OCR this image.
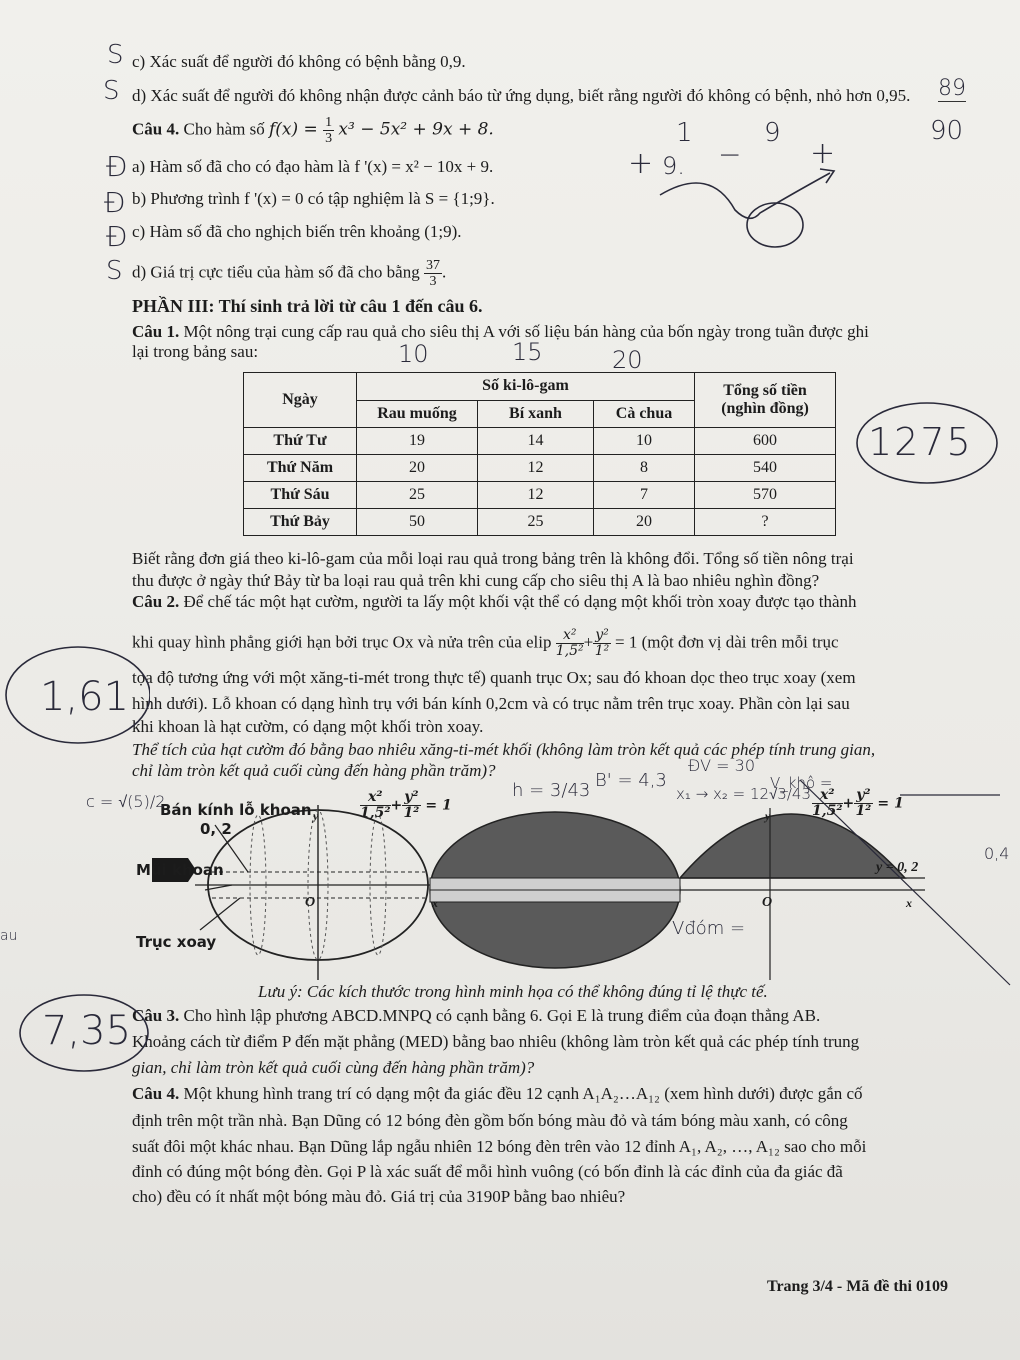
S
S
Đ
Đ
Đ
S
c) Xác suất để người đó không có bệnh bằng 0,9.
d) Xác suất để người đó không nhận được cảnh báo từ ứng dụng, biết rằng người đó không có bệnh, nhỏ hơn 0,95. 89
90
Câu 4. Cho hàm số $f(x) = \frac{1}{3} x^3 - 5x^2 + 9x + 8$.
a) Hàm số đã cho có đạo hàm là f '(x) = x² − 10x + 9.
b) Phương trình f '(x) = 0 có tập nghiệm là S = {1;9}.
c) Hàm số đã cho nghịch biến trên khoảng (1;9).
d) Giá trị cực tiểu của hàm số đã cho bằng $\frac{37}{3}$ .
1	9
+ 9. − +
PHẦN III: Thí sinh trả lời từ câu 1 đến câu 6.
Câu 1. Một nông trại cung cấp rau quả cho siêu thị A với số liệu bán hàng của bốn ngày trong tuần được ghi
lại trong bảng sau:	10	15	20
Ngày	Số ki-lô-gam			Tổng số tiền
(nghìn đồng)
	Rau muống	Bí xanh	Cà chua	
Thứ Tư	19	14	10	600
Thứ Năm	20	12	8	540
Thứ Sáu	25	12	7	570
Thứ Bảy	50	25	20	?
1275
Biết rằng đơn giá theo ki-lô-gam của mỗi loại rau quả trong bảng trên là không đổi. Tổng số tiền nông trại
thu được ở ngày thứ Bảy từ ba loại rau quả trên khi cung cấp cho siêu thị A là bao nhiêu nghìn đồng?
Câu 2. Để chế tác một hạt cườm, người ta lấy một khối vật thể có dạng một khối tròn xoay được tạo thành
khi quay hình phẳng giới hạn bởi trục Ox và nửa trên của elip $\frac{\text{x²}}{\text{1,5²}} + \frac{\text{y²}}{\text{1²}} = 1$ (một đơn vị dài trên mỗi trục
tọa độ tương ứng với một xăng-ti-mét trong thực tế) quanh trục Ox; sau đó khoan dọc theo trục xoay (xem
hình dưới). Lỗ khoan có dạng hình trụ với bán kính 0,2cm và có trục nằm trên trục xoay. Phần còn lại sau
khi khoan là hạt cườm, có dạng một khối tròn xoay.
Thể tích của hạt cườm đó bằng bao nhiêu xăng-ti-mét khối (không làm tròn kết quả các phép tính trung gian,
chỉ làm tròn kết quả cuối cùng đến hàng phần trăm)?
1,61
Bán kính lỗ khoan
0, 2
Mũi khoan
Trục xoay
y
O	x
$\frac{\text{x²}}{\text{1,5²}} + \frac{\text{y²}}{\text{1²}} = 1$	$\frac{\text{x²}}{\text{1,5²}} + \frac{\text{y²}}{\text{1²}} = 1$
y
y = 0, 2
O	x
c = √(5)/2
h = 3/43 B' = 4,3
ĐV = 30
x₁ → x₂ = 12√3/43
V_khô =
Vđóm =
0,4
au
Lưu ý: Các kích thước trong hình minh họa có thể không đúng tỉ lệ thực tế.
Câu 3. Cho hình lập phương ABCD.MNPQ có cạnh bằng 6. Gọi E là trung điểm của đoạn thẳng AB.
Khoảng cách từ điểm P đến mặt phẳng (MED) bằng bao nhiêu (không làm tròn kết quả các phép tính trung
gian, chỉ làm tròn kết quả cuối cùng đến hàng phần trăm)?
7,35
Câu 4. Một khung hình trang trí có dạng một đa giác đều 12 cạnh A₁A₂…A₁₂ (xem hình dưới) được gắn cố
định trên một trần nhà. Bạn Dũng có 12 bóng đèn gồm bốn bóng màu đỏ và tám bóng màu xanh, có công
suất đôi một khác nhau. Bạn Dũng lắp ngẫu nhiên 12 bóng đèn trên vào 12 đỉnh A₁, A₂, …, A₁₂ sao cho mỗi
đỉnh có đúng một bóng đèn. Gọi P là xác suất để mỗi hình vuông (có bốn đỉnh là các đỉnh của đa giác đã
cho) đều có ít nhất một bóng màu đỏ. Giá trị của 3190P bằng bao nhiêu?
Trang 3/4 - Mã đề thi 0109
